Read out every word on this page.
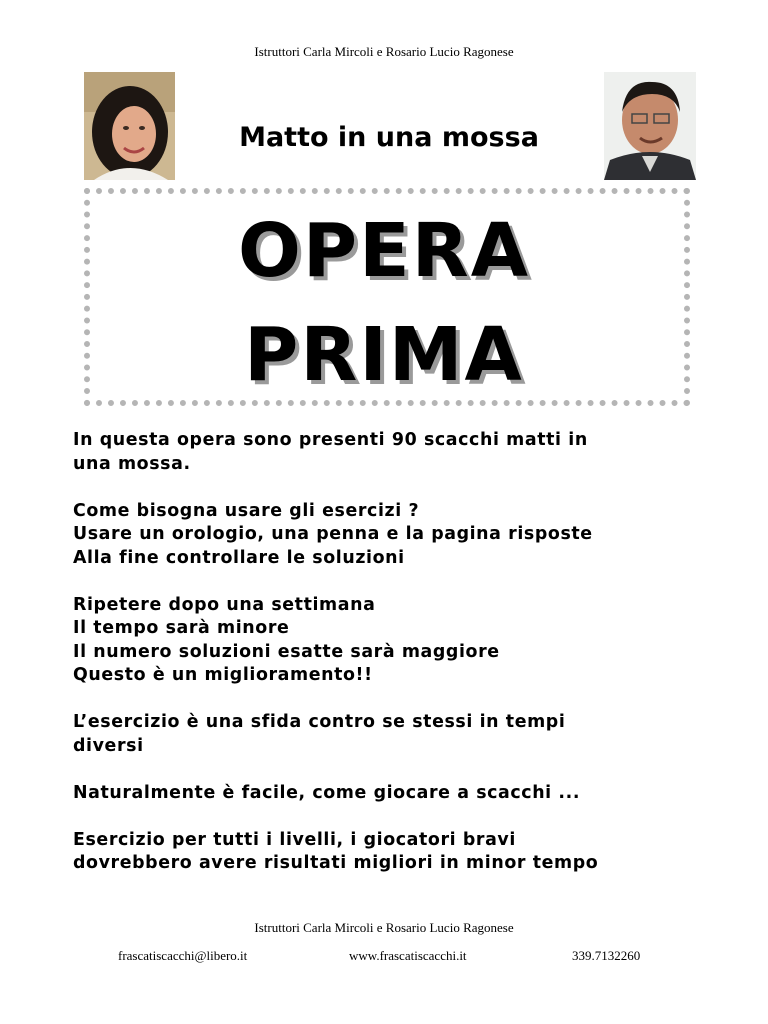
Istruttori Carla Mircoli e Rosario Lucio Ragonese
Matto in una mossa
OPERA
PRIMA

In questa opera sono presenti 90 scacchi matti in
una mossa.

Come bisogna usare gli esercizi ?
Usare un orologio, una penna e la pagina risposte
Alla fine controllare le soluzioni

Ripetere dopo una settimana
Il tempo sarà minore
Il numero soluzioni esatte sarà maggiore
Questo è un miglioramento!!

L’esercizio è una sfida contro se stessi in tempi
diversi

Naturalmente è facile, come giocare a scacchi ...

Esercizio per tutti i livelli, i giocatori bravi
dovrebbero avere risultati migliori in minor tempo

Istruttori Carla Mircoli e Rosario Lucio Ragonese
frascatiscacchi@libero.it	www.frascatiscacchi.it	339.7132260
